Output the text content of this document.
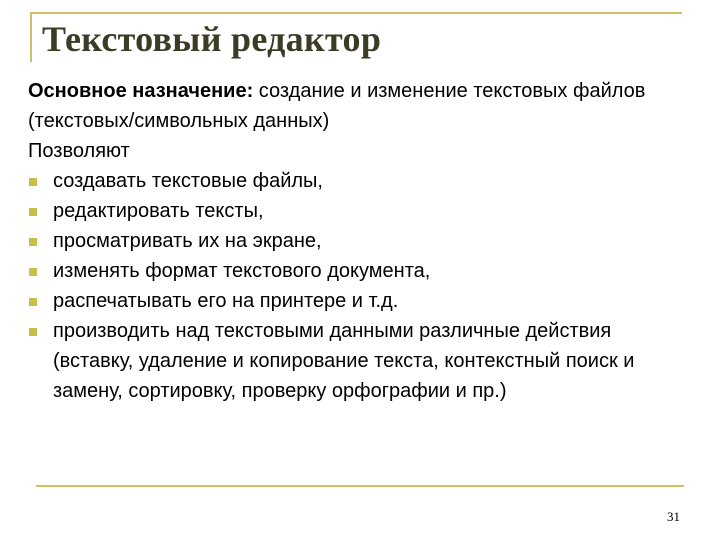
Текстовый редактор

Основное назначение: создание и изменение текстовых файлов (текстовых/символьных данных)

Позволяют

создавать текстовые файлы,
редактировать тексты,
просматривать их на экране,
изменять формат текстового документа,
распечатывать его на принтере и т.д.
производить над текстовыми данными различные действия (вставку, удаление и копирование текста, контекстный поиск и замену, сортировку, проверку орфографии и пр.)
31
